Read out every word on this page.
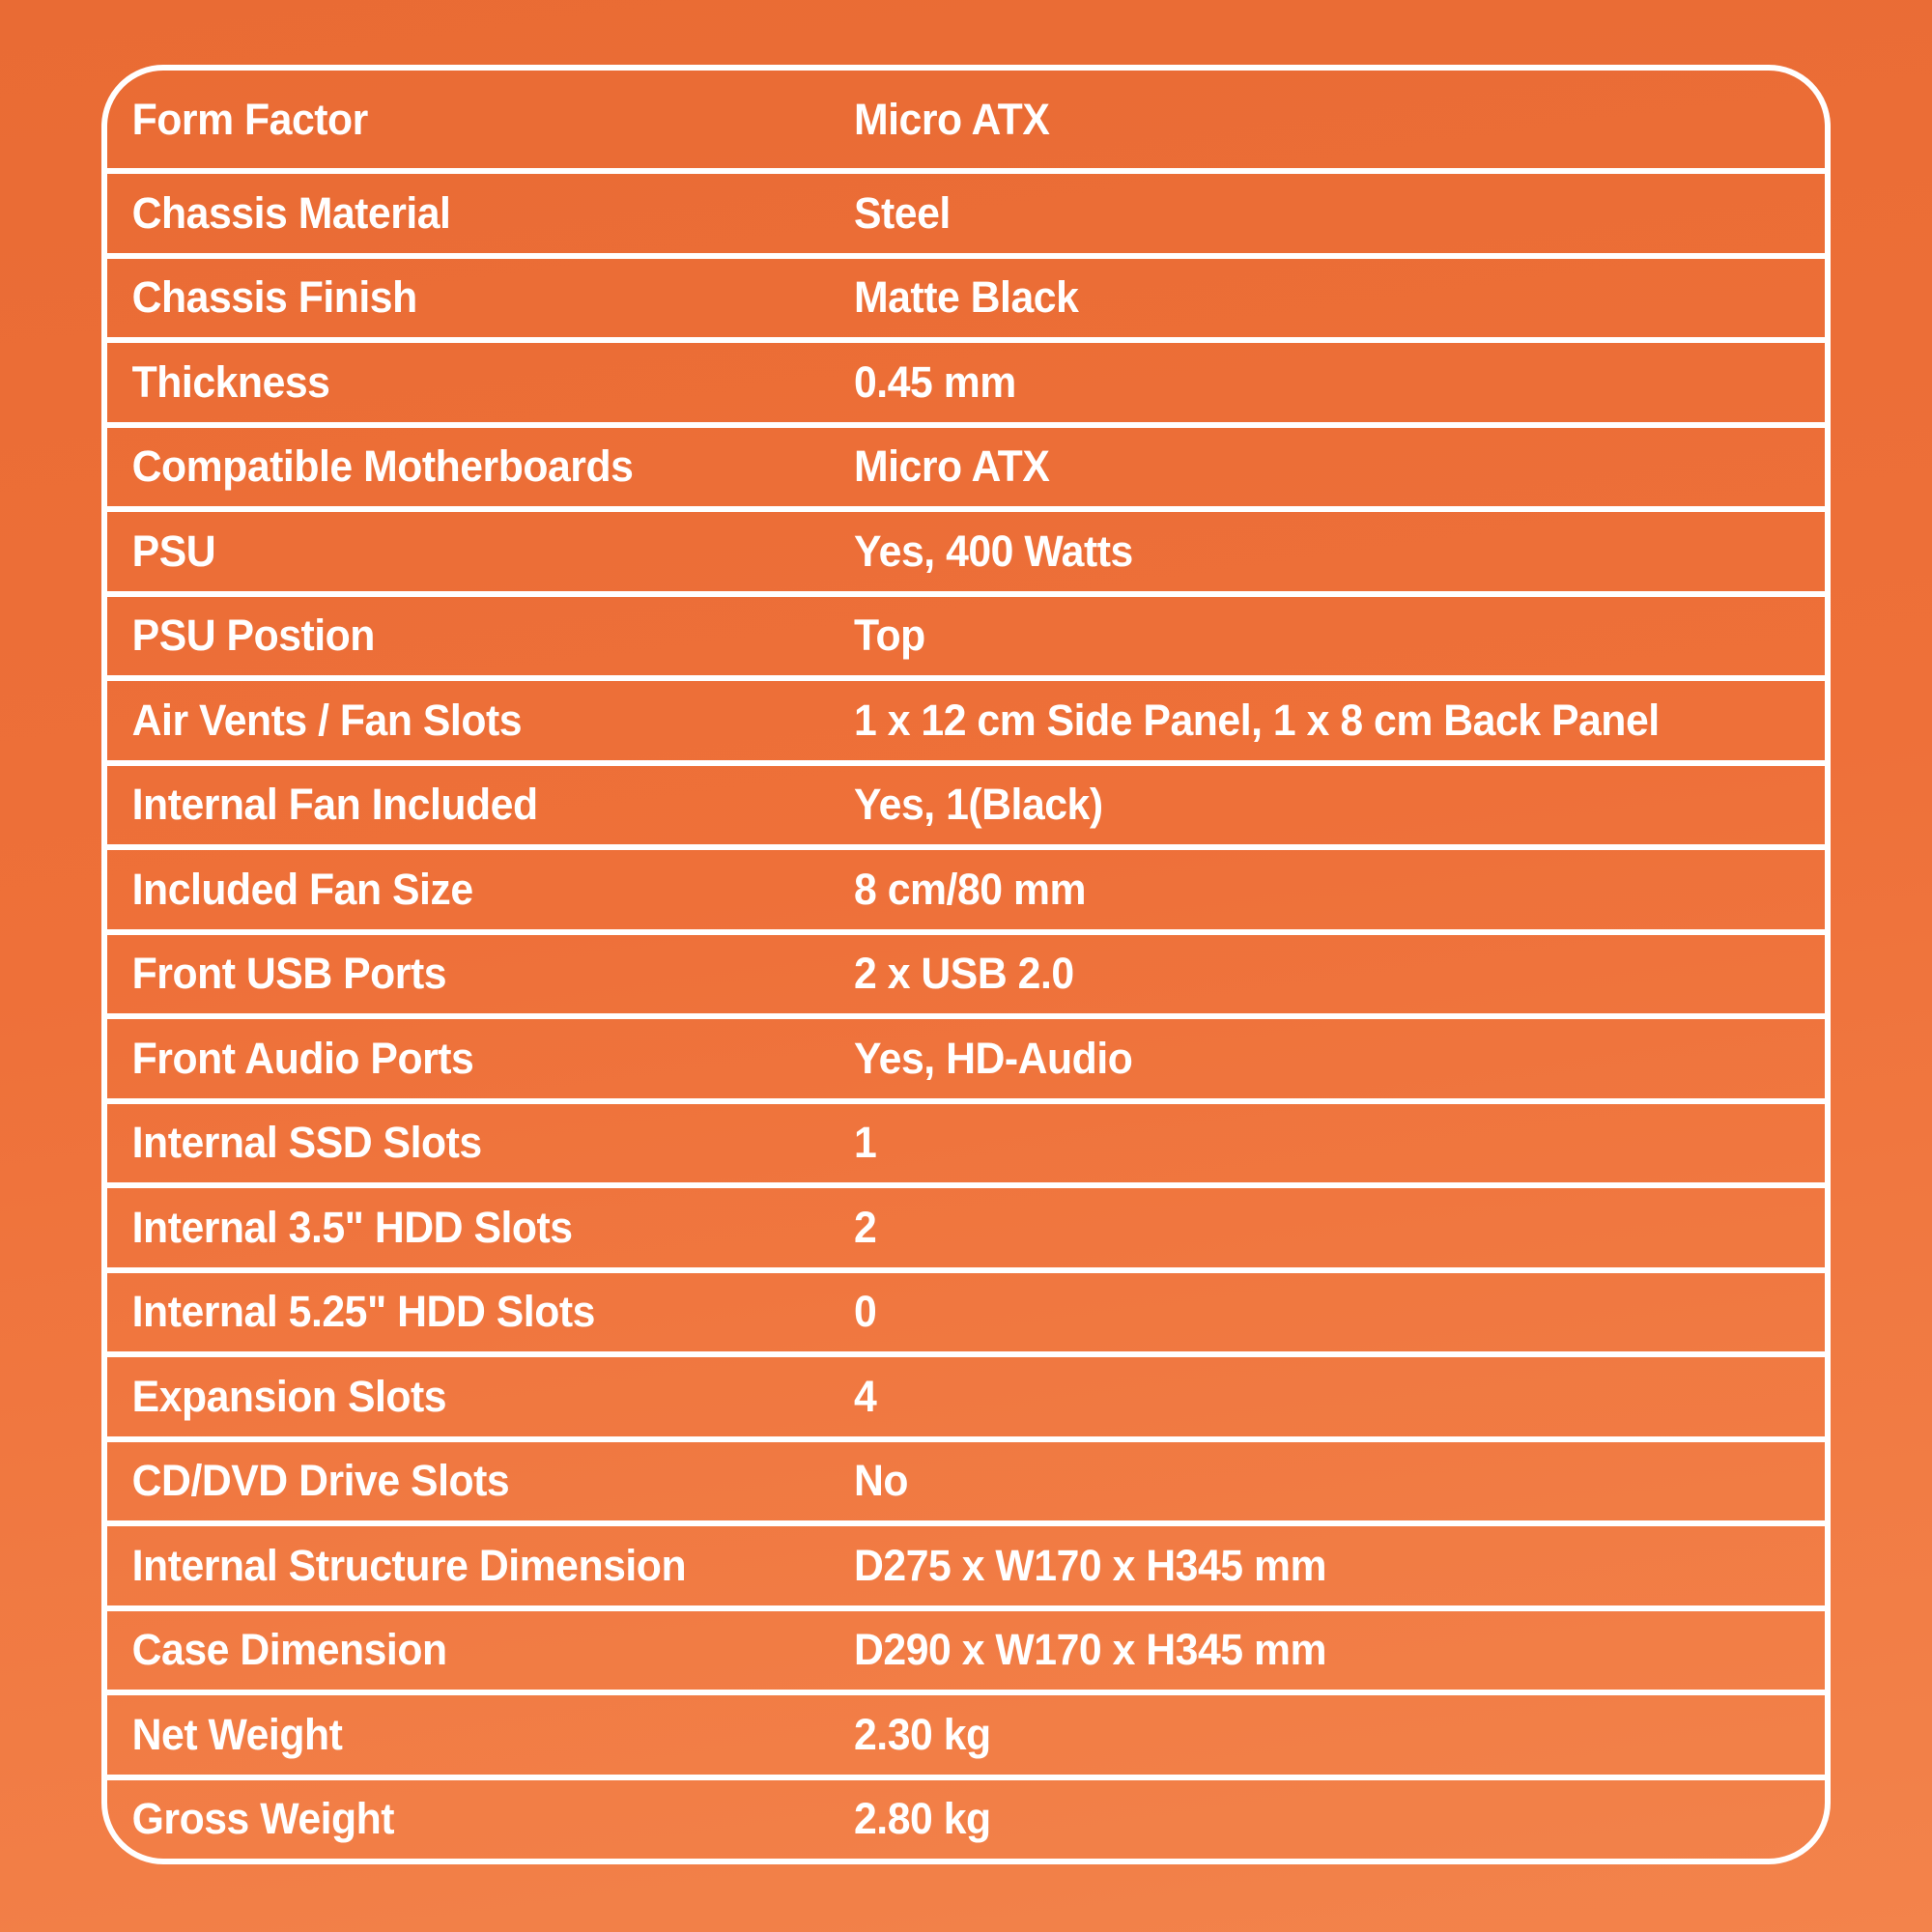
Form Factor	Micro ATX
Chassis Material	Steel
Chassis Finish	Matte Black
Thickness	0.45 mm
Compatible Motherboards	Micro ATX
PSU	Yes, 400 Watts
PSU Postion	Top
Air Vents / Fan Slots	1 x 12 cm Side Panel, 1 x 8 cm Back Panel
Internal Fan Included	Yes, 1(Black)
Included Fan Size	8 cm/80 mm
Front USB Ports	2 x USB 2.0
Front Audio Ports	Yes, HD-Audio
Internal SSD Slots	1
Internal 3.5" HDD Slots	2
Internal 5.25" HDD Slots	0
Expansion Slots	4
CD/DVD Drive Slots	No
Internal Structure Dimension	D275 x W170 x H345 mm
Case Dimension	D290 x W170 x H345 mm
Net Weight	2.30 kg
Gross Weight	2.80 kg
